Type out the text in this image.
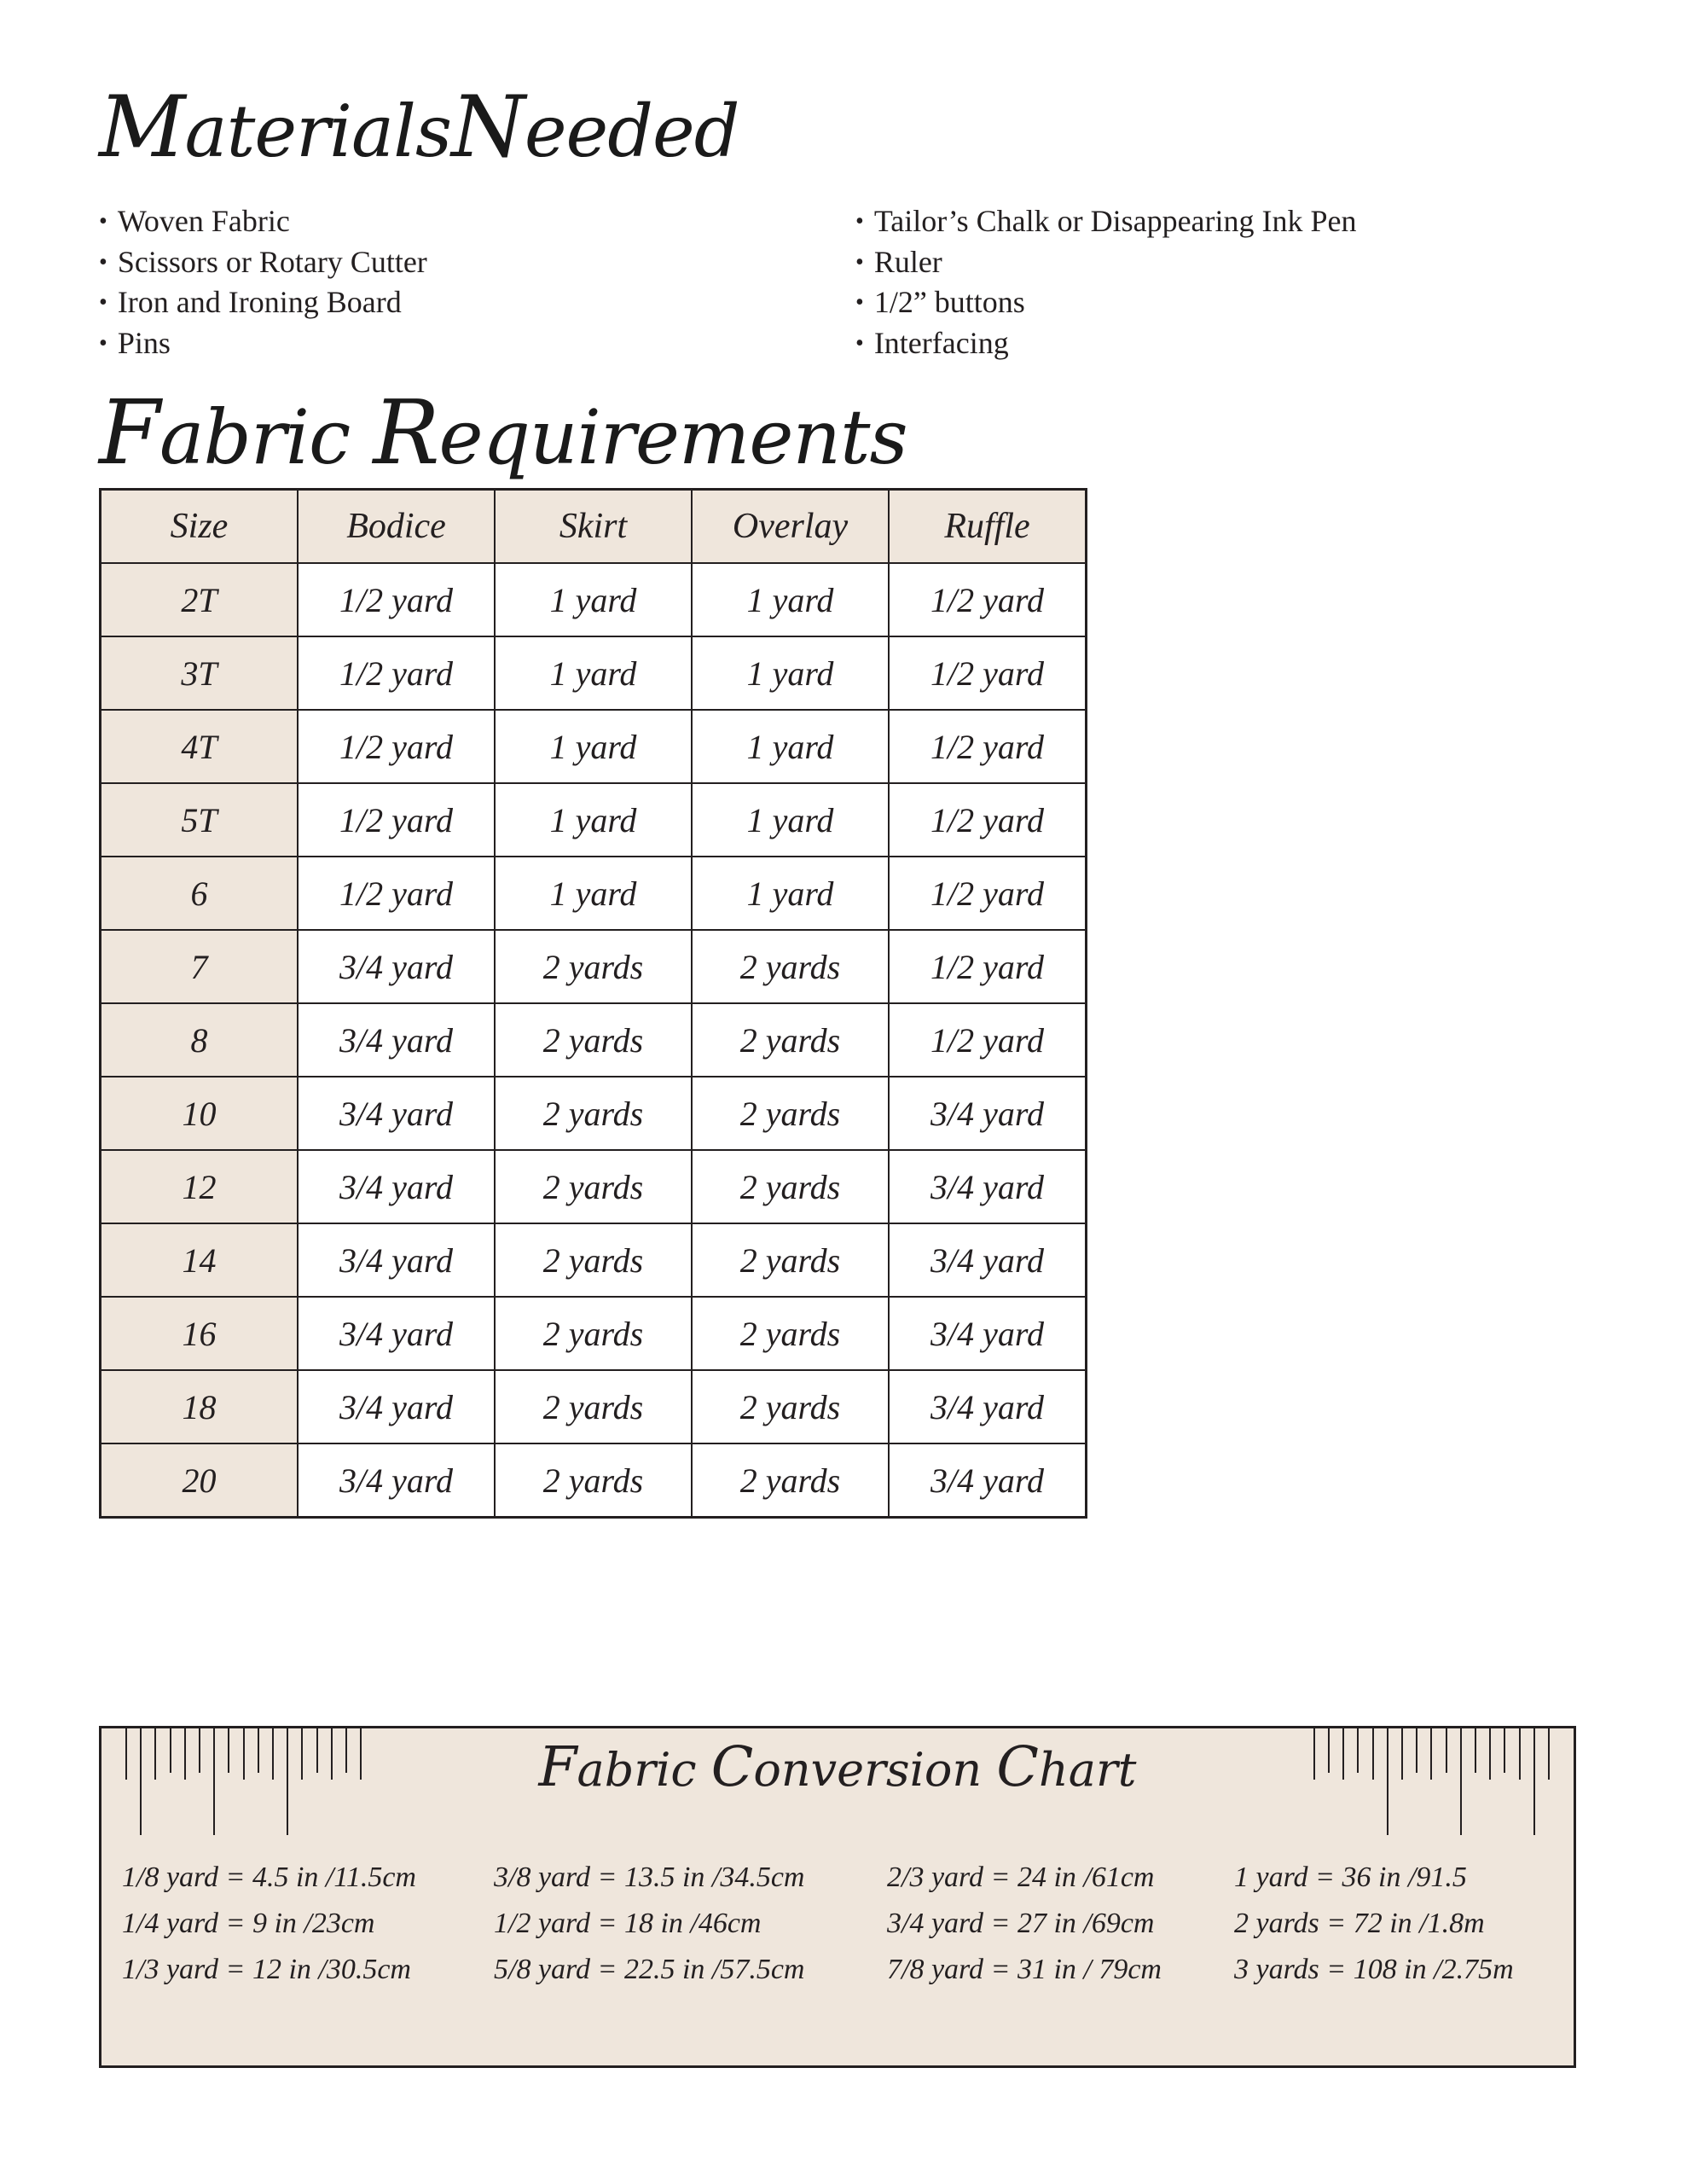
MaterialsNeeded
• Woven Fabric
• Scissors or Rotary Cutter
• Iron and Ironing Board
• Pins
• Tailor’s Chalk or Disappearing Ink Pen
• Ruler
• 1/2” buttons
• Interfacing
Fabric Requirements
Size	Bodice	Skirt	Overlay	Ruffle
2T	1/2 yard	1 yard	1 yard	1/2 yard
3T	1/2 yard	1 yard	1 yard	1/2 yard
4T	1/2 yard	1 yard	1 yard	1/2 yard
5T	1/2 yard	1 yard	1 yard	1/2 yard
6	1/2 yard	1 yard	1 yard	1/2 yard
7	3/4 yard	2 yards	2 yards	1/2 yard
8	3/4 yard	2 yards	2 yards	1/2 yard
10	3/4 yard	2 yards	2 yards	3/4 yard
12	3/4 yard	2 yards	2 yards	3/4 yard
14	3/4 yard	2 yards	2 yards	3/4 yard
16	3/4 yard	2 yards	2 yards	3/4 yard
18	3/4 yard	2 yards	2 yards	3/4 yard
20	3/4 yard	2 yards	2 yards	3/4 yard
Fabric Conversion Chart
1/8 yard = 4.5 in /11.5cm
1/4 yard = 9 in /23cm
1/3 yard = 12 in /30.5cm
3/8 yard = 13.5 in /34.5cm
1/2 yard = 18 in /46cm
5/8 yard = 22.5 in /57.5cm
2/3 yard = 24 in /61cm
3/4 yard = 27 in /69cm
7/8 yard = 31 in / 79cm
1 yard = 36 in /91.5
2 yards = 72 in /1.8m
3 yards = 108 in /2.75m
